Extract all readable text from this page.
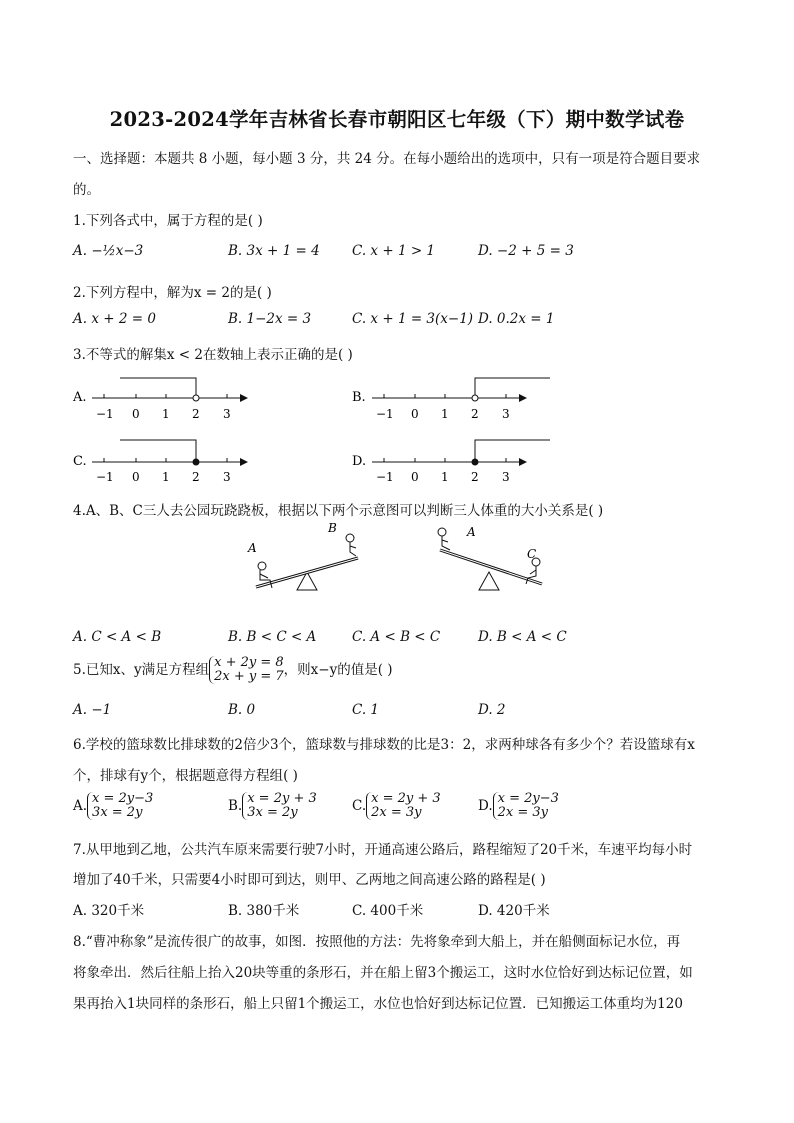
2023-2024学年吉林省长春市朝阳区七年级（下）期中数学试卷
一、选择题：本题共 8 小题，每小题 3 分，共 24 分。在每小题给出的选项中，只有一项是符合题目要求
的。
1.下列各式中，属于方程的是( )
A. −½x−3	B. 3x + 1 = 4 C. x + 1 > 1	D. −2 + 5 = 3
2.下列方程中，解为x = 2的是( )
A. x + 2 = 0	B. 1−2x = 3	C. x + 1 = 3(x−1) D. 0.2x = 1
3.不等式的解集x < 2在数轴上表示正确的是( )
A.
−1 0 1 2 3
B.
−1 0 1 2 3
C.
−1 0 1 2 3
D.
−1 0 1 2 3
4.A、B、C三人去公园玩跷跷板，根据以下两个示意图可以判断三人体重的大小关系是( )
A
B	A
C
A. C < A < B	B. B < C < A	C. A < B < C	D. B < A < C
5.已知x、y满足方程组 x + 2y = 8
2x + y = 7，则x−y的值是( )
A. −1	B. 0	C. 1	D. 2
6.学校的篮球数比排球数的2倍少3个，篮球数与排球数的比是3：2，求两种球各有多少个？若设篮球有x
个，排球有y个，根据题意得方程组( )
A. x = 2y−3
3x = 2y	B. x = 2y + 3
3x = 2y	C. x = 2y + 3
2x = 3y	D. x = 2y−3
2x = 3y
7.从甲地到乙地，公共汽车原来需要行驶7小时，开通高速公路后，路程缩短了20千米，车速平均每小时
增加了40千米，只需要4小时即可到达，则甲、乙两地之间高速公路的路程是( )
A. 320千米	B. 380千米	C. 400千米	D. 420千米
8.“曹冲称象”是流传很广的故事，如图．按照他的方法：先将象牵到大船上，并在船侧面标记水位，再
将象牵出．然后往船上抬入20块等重的条形石，并在船上留3个搬运工，这时水位恰好到达标记位置，如
果再抬入1块同样的条形石，船上只留1个搬运工，水位也恰好到达标记位置．已知搬运工体重均为120
